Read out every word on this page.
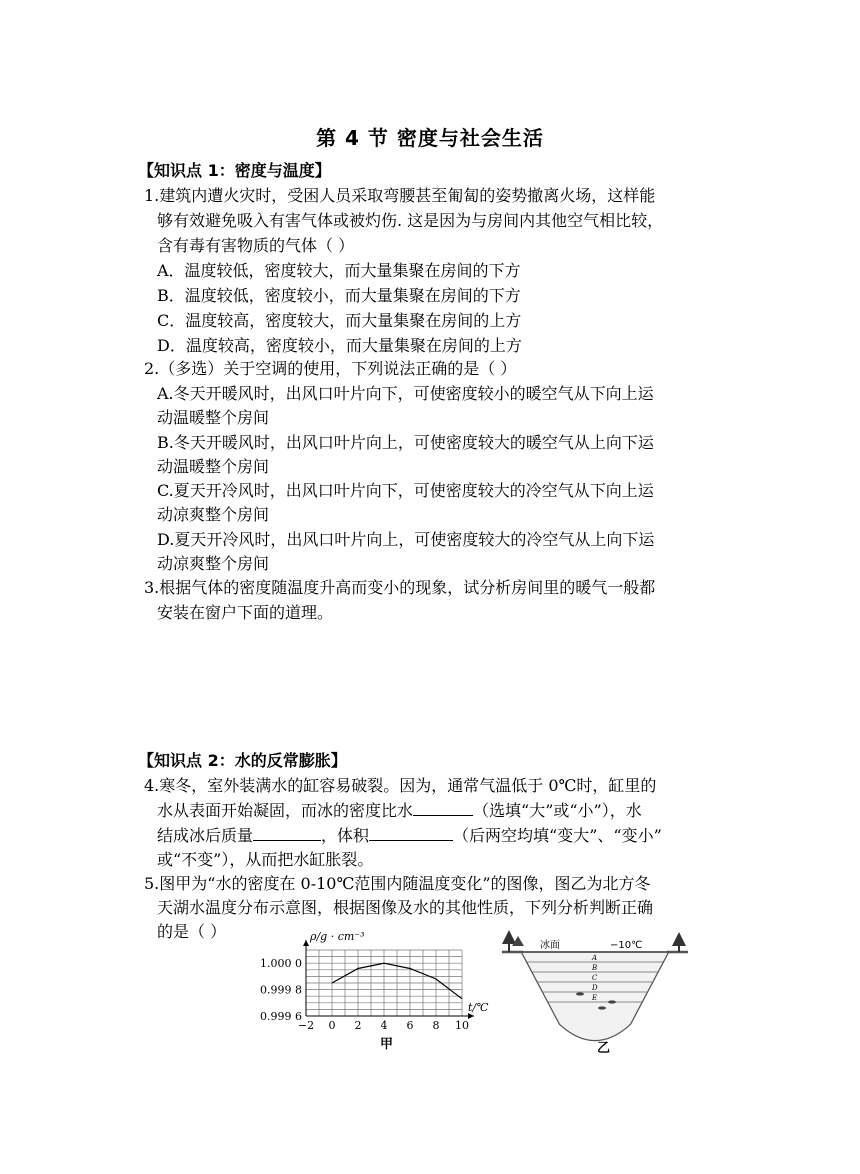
第 4 节 密度与社会生活
【知识点 1：密度与温度】
1.建筑内遭火灾时，受困人员采取弯腰甚至匍匐的姿势撤离火场，这样能
够有效避免吸入有害气体或被灼伤. 这是因为与房间内其他空气相比较，
含有毒有害物质的气体（ ）
A．温度较低，密度较大，而大量集聚在房间的下方
B．温度较低，密度较小，而大量集聚在房间的下方
C．温度较高，密度较大，而大量集聚在房间的上方
D．温度较高，密度较小，而大量集聚在房间的上方
2.（多选）关于空调的使用，下列说法正确的是（ ）
A.冬天开暖风时，出风口叶片向下，可使密度较小的暖空气从下向上运
动温暖整个房间
B.冬天开暖风时，出风口叶片向上，可使密度较大的暖空气从上向下运
动温暖整个房间
C.夏天开冷风时，出风口叶片向下，可使密度较大的冷空气从下向上运
动凉爽整个房间
D.夏天开冷风时，出风口叶片向上，可使密度较大的冷空气从上向下运
动凉爽整个房间
3.根据气体的密度随温度升高而变小的现象，试分析房间里的暖气一般都
安装在窗户下面的道理。
【知识点 2：水的反常膨胀】
4.寒冬，室外装满水的缸容易破裂。因为，通常气温低于 0℃时，缸里的
水从表面开始凝固，而冰的密度比水	（选填“大”或“小”），水
结成冰后质量	，体积	（后两空均填“变大”、“变小”
或“不变”），从而把水缸胀裂。
5.图甲为“水的密度在 0-10℃范围内随温度变化”的图像，图乙为北方冬
天湖水温度分布示意图，根据图像及水的其他性质，下列分析判断正确
的是（ ）	ρ/g · cm⁻³
t/℃
甲
1.000 0
0.999 8
0.999 6
−2 0 2 4 6 8 10
冰面	−10℃
A
B
C
D
E
乙
